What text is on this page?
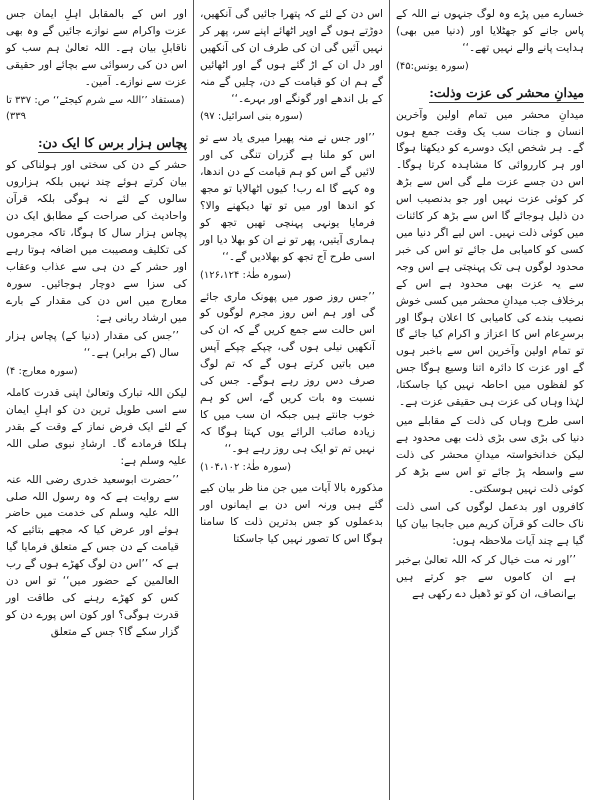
خسارے میں پڑے وہ لوگ جنہوں نے اللہ کے پاس جانے کو جھٹلایا اور (دنیا میں بھی) ہدایت پانے والے نہیں تھے۔‘‘

(سورہ یونس:۴۵)

میدانِ محشر کی عزت وذلت:

میدانِ محشر میں تمام اولین وآخرین انسان و جنات سب یک وقت جمع ہوں گے۔ ہر شخص ایک دوسرے کو دیکھتا ہوگا اور ہر کارروائی کا مشاہدہ کرتا ہوگا۔ اس دن جسے عزت ملے گی اس سے بڑھ کر کوئی عزت نہیں اور جو بدنصیب اس دن ذلیل ہوجائے گا اس سے بڑھ کر کائنات میں کوئی ذلت نہیں۔ اس لیے اگر دنیا میں کسی کو کامیابی مل جائے تو اس کی خبر محدود لوگوں ہی تک پہنچتی ہے اس وجہ سے یہ عزت بھی محدود ہے اس کے برخلاف جب میدانِ محشر میں کسی خوش نصیب بندے کی کامیابی کا اعلان ہوگا اور برسرِعام اس کا اعزاز و اکرام کیا جائے گا تو تمام اولین وآخرین اس سے باخبر ہوں گے اور عزت کا دائرہ اتنا وسیع ہوگا جس کو لفظوں میں احاطہ نہیں کیا جاسکتا، لہٰذا وہاں کی عزت ہی حقیقی عزت ہے۔

اسی طرح وہاں کی ذلت کے مقابلے میں دنیا کی بڑی سی بڑی ذلت بھی محدود ہے لیکن خدانخواستہ میدانِ محشر کی ذلت سے واسطہ پڑ جائے تو اس سے بڑھ کر کوئی ذلت نہیں ہوسکتی۔

کافروں اور بدعمل لوگوں کی اسی ذلت ناک حالت کو قرآن کریم میں جابجا بیان کیا گیا ہے چند آیات ملاحظہ ہوں:

’’اور نہ مت خیال کر کہ اللہ تعالیٰ بےخبر ہے ان کاموں سے جو کرتے ہیں بےانصاف، ان کو تو ڈھیل دے رکھی ہے

اس دن کے لئے کہ پتھرا جائیں گی آنکھیں، دوڑتے ہوں گے اوپر اٹھائے اپنے سر، پھر کر نہیں آئیں گی ان کی طرف ان کی آنکھیں اور دل ان کے اڑ گئے ہوں گے اور اٹھائیں گے ہم ان کو قیامت کے دن، چلیں گے منہ کے بل اندھے اور گونگے اور بہرے۔‘‘

(سورہ بنی اسرائیل: ۹۷)

’’اور جس نے منہ پھیرا میری یاد سے تو اس کو ملنا ہے گزران تنگی کی اور لائیں گے اس کو ہم قیامت کے دن اندھا، وہ کہے گا اے رب! کیوں اٹھالایا تو مجھ کو اندھا اور میں تو تھا دیکھنے والا؟ فرمایا یونہی پہنچی تھیں تجھ کو ہماری آیتیں، پھر تو نے ان کو بھلا دیا اور اسی طرح آج تجھ کو بھلادیں گے۔‘‘

(سورہ طٰہٰ: ۱۲۶،۱۲۴)

’’جس روز صور میں پھونک ماری جائے گی اور ہم اس روز مجرم لوگوں کو اس حالت سے جمع کریں گے کہ ان کی آنکھیں نیلی ہوں گی، چپکے چپکے آپس میں باتیں کرتے ہوں گے کہ تم لوگ صرف دس روز رہے ہوگے۔ جس کی نسبت وہ بات کریں گے، اس کو ہم خوب جانتے ہیں جبکہ ان سب میں کا زیادہ صائب الرائے یوں کہتا ہوگا کہ نہیں تم تو ایک ہی روز رہے ہو۔‘‘

(سورہ طٰہٰ: ۱۰۴،۱۰۲)

مذکورہ بالا آیات میں جن منا ظر بیان کیے گئے ہیں ورنہ اس دن بے ایمانوں اور بدعملوں کو جس بدترین ذلت کا سامنا ہوگا اس کا تصور نہیں کیا جاسکتا

اور اس کے بالمقابل اہلِ ایمان جس عزت واکرام سے نوازے جائیں گے وہ بھی ناقابلِ بیان ہے۔ اللہ تعالیٰ ہم سب کو اس دن کی رسوائی سے بچائے اور حقیقی عزت سے نوازے۔ آمین۔

(مستفاد ’’اللہ سے شرم کیجئے‘‘ ص: ۳۳۷ تا ۳۳۹)

پچاس ہزار برس کا ایک دن:

حشر کے دن کی سختی اور ہولناکی کو بیان کرتے ہوئے چند نہیں بلکہ ہزاروں سالوں کے لئے نہ ہوگی بلکہ قرآن واحادیث کی صراحت کے مطابق ایک دن پچاس ہزار سال کا ہوگا، تاکہ مجرموں کی تکلیف ومصیبت میں اضافہ ہوتا رہے اور حشر کے دن ہی سے عذاب وعقاب کی سزا سے دوچار ہوجائیں۔ سورہ معارج میں اس دن کی مقدار کے بارے میں ارشاد ربانی ہے:

’’جس کی مقدار (دنیا کے) پچاس ہزار سال (کے برابر) ہے۔‘‘

(سورہ معارج: ۴)

لیکن اللہ تبارک وتعالیٰ اپنی قدرت کاملہ سے اسی طویل ترین دن کو اہلِ ایمان کے لئے ایک فرض نماز کے وقت کے بقدر ہلکا فرمادے گا۔ ارشادِ نبوی صلی اللہ علیہ وسلم ہے:

’’حضرت ابوسعید خدری رضی اللہ عنہ سے روایت ہے کہ وہ رسول اللہ صلی اللہ علیہ وسلم کی خدمت میں حاضر ہوئے اور عرض کیا کہ مجھے بتائیے کہ قیامت کے دن جس کے متعلق فرمایا گیا ہے کہ ’’اس دن لوگ کھڑے ہوں گے رب العالمین کے حضور میں‘‘ تو اس دن کس کو کھڑے رہنے کی طاقت اور قدرت ہوگی؟ اور کون اس پورے دن کو گزار سکے گا؟ جس کے متعلق
